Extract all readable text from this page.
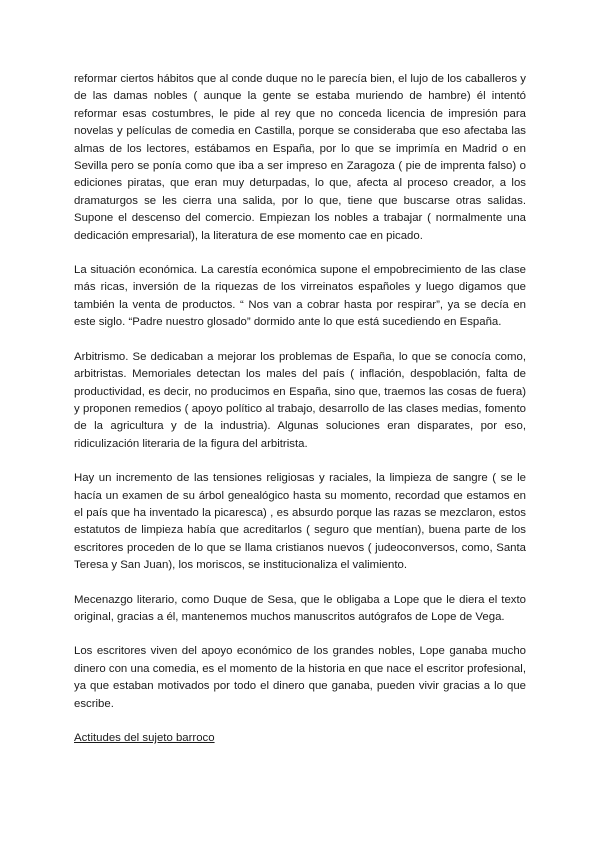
reformar ciertos hábitos que al conde duque no le parecía bien, el lujo de los caballeros y de las damas nobles ( aunque la gente se estaba muriendo de hambre) él intentó reformar esas costumbres, le pide al rey que no conceda licencia de impresión para novelas y películas de comedia en Castilla, porque se consideraba que eso afectaba las almas de los lectores, estábamos en España, por lo que se imprimía en Madrid o en Sevilla pero se ponía como que iba a ser impreso en Zaragoza ( pie de imprenta falso) o ediciones piratas, que eran muy deturpadas, lo que, afecta al proceso creador, a los dramaturgos se les cierra una salida, por lo que, tiene que buscarse otras salidas. Supone el descenso del comercio. Empiezan los nobles a trabajar ( normalmente una dedicación empresarial), la literatura de ese momento cae en picado.

La situación económica. La carestía económica supone el empobrecimiento de las clase más ricas, inversión de la riquezas de los virreinatos españoles y luego digamos que también la venta de productos. “ Nos van a cobrar hasta por respirar”, ya se decía en este siglo. “Padre nuestro glosado” dormido ante lo que está sucediendo en España.

Arbitrismo. Se dedicaban a mejorar los problemas de España, lo que se conocía como, arbitristas. Memoriales detectan los males del país ( inflación, despoblación, falta de productividad, es decir, no producimos en España, sino que, traemos las cosas de fuera) y proponen remedios ( apoyo político al trabajo, desarrollo de las clases medias, fomento de la agricultura y de la industria). Algunas soluciones eran disparates, por eso, ridiculización literaria de la figura del arbitrista.

Hay un incremento de las tensiones religiosas y raciales, la limpieza de sangre ( se le hacía un examen de su árbol genealógico hasta su momento, recordad que estamos en el país que ha inventado la picaresca) , es absurdo porque las razas se mezclaron, estos estatutos de limpieza había que acreditarlos ( seguro que mentían), buena parte de los escritores proceden de lo que se llama cristianos nuevos ( judeoconversos, como, Santa Teresa y San Juan), los moriscos, se institucionaliza el valimiento.

Mecenazgo literario, como Duque de Sesa, que le obligaba a Lope que le diera el texto original, gracias a él, mantenemos muchos manuscritos autógrafos de Lope de Vega.

Los escritores viven del apoyo económico de los grandes nobles, Lope ganaba mucho dinero con una comedia, es el momento de la historia en que nace el escritor profesional, ya que estaban motivados por todo el dinero que ganaba, pueden vivir gracias a lo que escribe.

Actitudes del sujeto barroco
